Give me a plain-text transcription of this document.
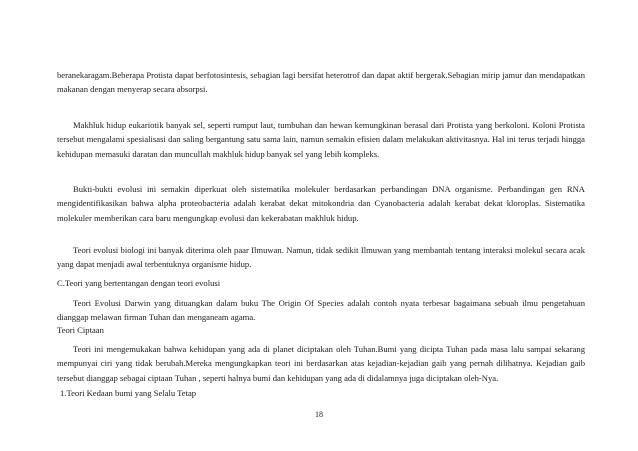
beranekaragam.Beberapa Protista dapat berfotosintesis, sebagian lagi bersifat heterotrof dan dapat aktif bergerak.Sebagian mirip jamur dan mendapatkan makanan dengan menyerap secara absorpsi.

Makhluk hidup eukariotik banyak sel, seperti rumput laut, tumbuhan dan hewan kemungkinan berasal dari Protista yang berkoloni. Koloni Protista tersebut mengalami spesialisasi dan saling bergantung satu sama lain, namun semakin efisien dalam melakukan aktivitasnya. Hal ini terus terjadi hingga kehidupan memasuki daratan dan muncullah makhluk hidup banyak sel yang lebih kompleks.

Bukti-bukti evolusi ini semakin diperkuat oleh sistematika molekuler berdasarkan perbandingan DNA organisme. Perbandingan gen RNA mengidentifikasikan bahwa alpha proteobacteria adalah kerabat dekat mitokondria dan Cyanobacteria adalah kerabat dekat kloroplas. Sistematika molekuler memberikan cara baru mengungkap evolusi dan kekerabatan makhluk hidup.

Teori evolusi biologi ini banyak diterima oleh paar Ilmuwan. Namun, tidak sedikit Ilmuwan yang membantah tentang interaksi molekul secara acak yang dapat menjadi awal terbentuknya organisme hidup.

C.Teori yang bertentangan dengan teori evolusi

Teori Evolusi Darwin yang dituangkan dalam buku The Origin Of Species adalah contoh nyata terbesar bagaimana sebuah ilmu pengetahuan dianggap melawan firman Tuhan dan menganeam agama.

Teori Ciptaan

Teori ini mengemukakan bahwa kehidupan yang ada di planet diciptakan oleh Tuhan.Bumi yang dicipta Tuhan pada masa lalu sampai sekarang mempunyai ciri yang tidak berubah.Mereka mengungkapkan teori ini berdasarkan atas kejadian-kejadian gaib yang pernah dilihatnya. Kejadian gaib tersebut dianggap sebagai ciptaan Tuhan , seperti halnya bumi dan kehidupan yang ada di didalamnya juga diciptakan oleh-Nya.

1.Teori Kedaan bumi yang Selalu Tetap

18
